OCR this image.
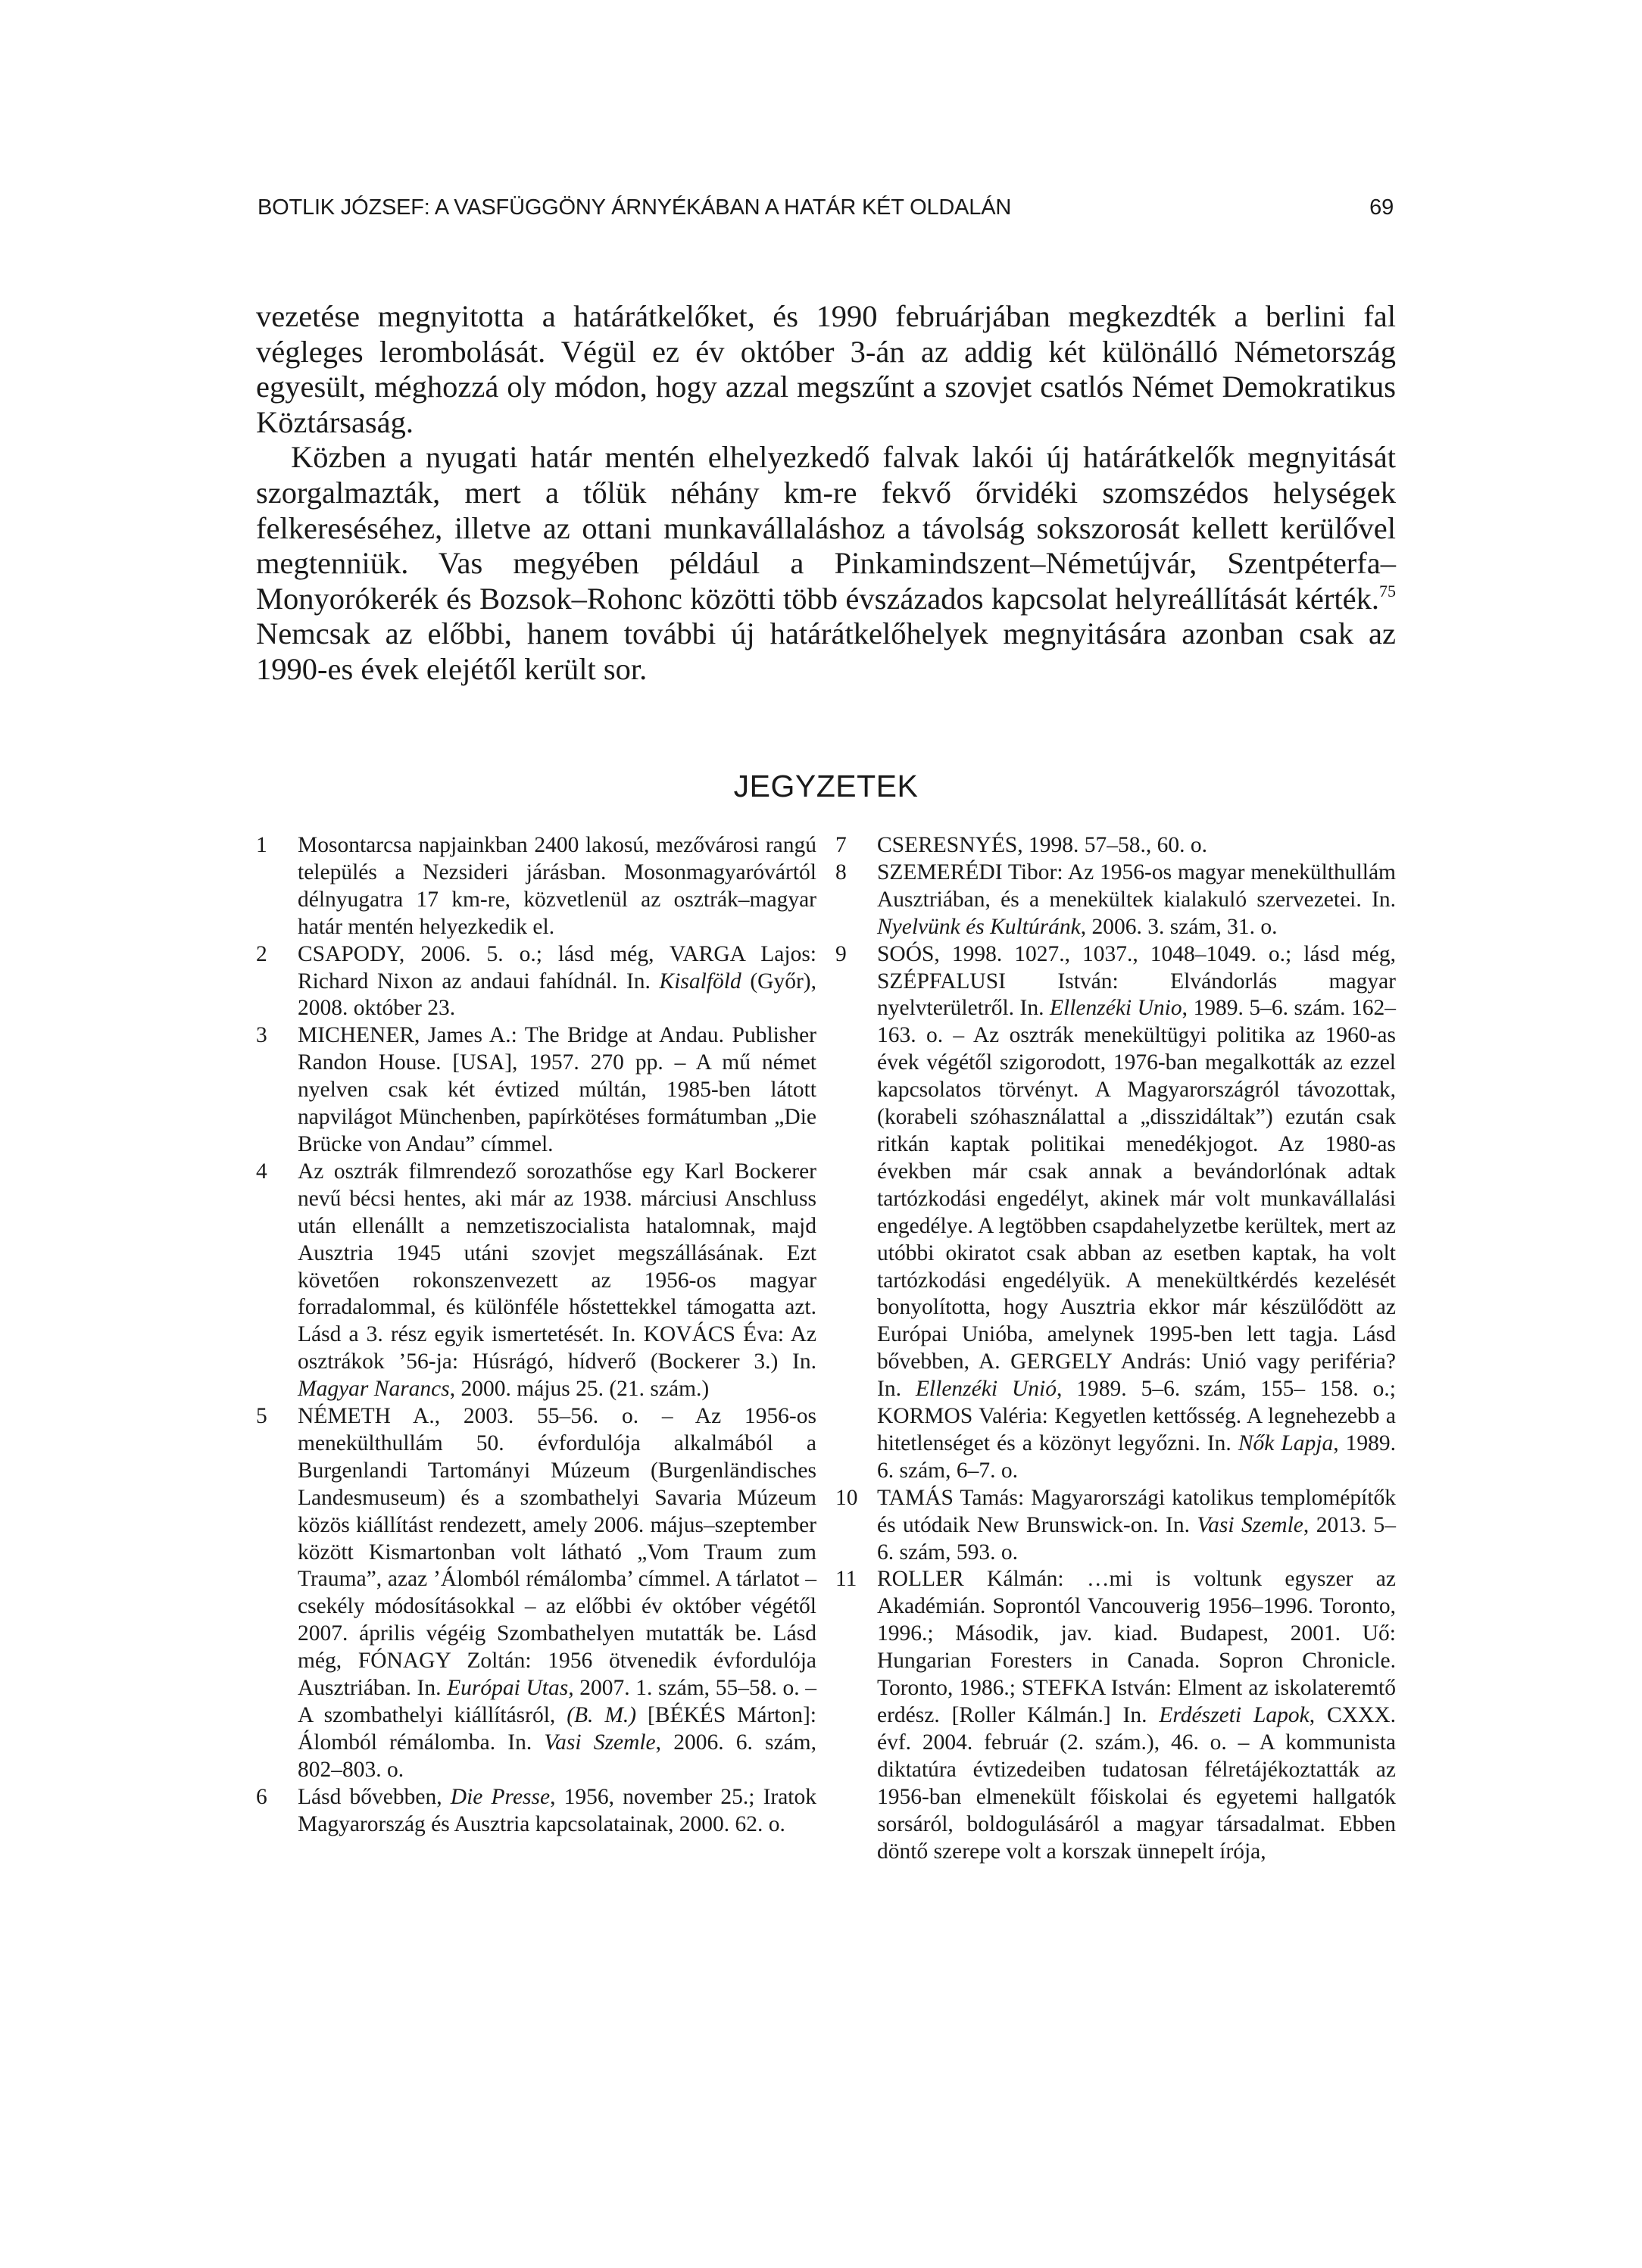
BOTLIK JÓZSEF: A VASFÜGGÖNY ÁRNYÉKÁBAN A HATÁR KÉT OLDALÁN	69

vezetése megnyitotta a határátkelőket, és 1990 februárjában megkezdték a berlini fal végleges lerombolását. Végül ez év október 3-án az addig két különálló Németország egyesült, méghozzá oly módon, hogy azzal megszűnt a szovjet csatlós Német Demokratikus Köztársaság.

Közben a nyugati határ mentén elhelyezkedő falvak lakói új határátkelők megnyitását szorgalmazták, mert a tőlük néhány km-re fekvő őrvidéki szomszédos helységek felkereséséhez, illetve az ottani munkavállaláshoz a távolság sokszorosát kellett kerülővel megtenniük. Vas megyében például a Pinkamindszent–Németújvár, Szentpéterfa–Monyorókerék és Bozsok–Rohonc közötti több évszázados kapcsolat helyreállítását kérték.$^{75}$ Nemcsak az előbbi, hanem további új határátkelőhelyek megnyitására azonban csak az 1990-es évek elejétől került sor.

JEGYZETEK
1 Mosontarcsa napjainkban 2400 lakosú, mezővárosi rangú település a Nezsideri járásban. Mosonmagyaróvártól délnyugatra 17 km-re, közvetlenül az osztrák–magyar határ mentén helyezkedik el.
2 CSAPODY, 2006. 5. o.; lásd még, VARGA Lajos: Richard Nixon az andaui fahídnál. In. Kisalföld (Győr), 2008. október 23.
3 MICHENER, James A.: The Bridge at Andau. Publisher Randon House. [USA], 1957. 270 pp. – A mű német nyelven csak két évtized múltán, 1985-ben látott napvilágot Münchenben, papírkötéses formátumban „Die Brücke von Andau” címmel.
4 Az osztrák filmrendező sorozathőse egy Karl Bockerer nevű bécsi hentes, aki már az 1938. márciusi Anschluss után ellenállt a nemzetiszocialista hatalomnak, majd Ausztria 1945 utáni szovjet megszállásának. Ezt követően rokonszenvezett az 1956-os magyar forradalommal, és különféle hőstettekkel támogatta azt. Lásd a 3. rész egyik ismertetését. In. KOVÁCS Éva: Az osztrákok ’56-ja: Húsrágó, hídverő (Bockerer 3.) In. Magyar Narancs, 2000. május 25. (21. szám.)
5 NÉMETH A., 2003. 55–56. o. – Az 1956-os menekülthullám 50. évfordulója alkalmából a Burgenlandi Tartományi Múzeum (Burgenländisches Landesmuseum) és a szombathelyi Savaria Múzeum közös kiállítást rendezett, amely 2006. május–szeptember között Kismartonban volt látható „Vom Traum zum Trauma”, azaz ’Álomból rémálomba’ címmel. A tárlatot – csekély módosításokkal – az előbbi év október végétől 2007. április végéig Szombathelyen mutatták be. Lásd még, FÓNAGY Zoltán: 1956 ötvenedik évfordulója Ausztriában. In. Európai Utas, 2007. 1. szám, 55–58. o. – A szombathelyi kiállításról, (B. M.) [BÉKÉS Márton]: Álomból rémálomba. In. Vasi Szemle, 2006. 6. szám, 802–803. o.
6 Lásd bővebben, Die Presse, 1956, november 25.; Iratok Magyarország és Ausztria kapcsolatainak, 2000. 62. o.
7 CSERESNYÉS, 1998. 57–58., 60. o.
8 SZEMERÉDI Tibor: Az 1956-os magyar menekülthullám Ausztriában, és a menekültek kialakuló szervezetei. In. Nyelvünk és Kultúránk, 2006. 3. szám, 31. o.
9 SOÓS, 1998. 1027., 1037., 1048–1049. o.; lásd még, SZÉPFALUSI István: Elvándorlás magyar nyelvterületről. In. Ellenzéki Unio, 1989. 5–6. szám. 162–163. o. – Az osztrák menekültügyi politika az 1960-as évek végétől szigorodott, 1976-ban megalkották az ezzel kapcsolatos törvényt. A Magyarországról távozottak, (korabeli szóhasználattal a „disszidáltak”) ezután csak ritkán kaptak politikai menedékjogot. Az 1980-as években már csak annak a bevándorlónak adtak tartózkodási engedélyt, akinek már volt munkavállalási engedélye. A legtöbben csapdahelyzetbe kerültek, mert az utóbbi okiratot csak abban az esetben kaptak, ha volt tartózkodási engedélyük. A menekültkérdés kezelését bonyolította, hogy Ausztria ekkor már készülődött az Európai Unióba, amelynek 1995-ben lett tagja. Lásd bővebben, A. GERGELY András: Unió vagy periféria? In. Ellenzéki Unió, 1989. 5–6. szám, 155– 158. o.; KORMOS Valéria: Kegyetlen kettősség. A legnehezebb a hitetlenséget és a közönyt legyőzni. In. Nők Lapja, 1989. 6. szám, 6–7. o.
10 TAMÁS Tamás: Magyarországi katolikus templomépítők és utódaik New Brunswick-on. In. Vasi Szemle, 2013. 5–6. szám, 593. o.
11 ROLLER Kálmán: …mi is voltunk egyszer az Akadémián. Soprontól Vancouverig 1956–1996. Toronto, 1996.; Második, jav. kiad. Budapest, 2001. Uő: Hungarian Foresters in Canada. Sopron Chronicle. Toronto, 1986.; STEFKA István: Elment az iskolateremtő erdész. [Roller Kálmán.] In. Erdészeti Lapok, CXXX. évf. 2004. február (2. szám.), 46. o. – A kommunista diktatúra évtizedeiben tudatosan félretájékoztatták az 1956-ban elmenekült főiskolai és egyetemi hallgatók sorsáról, boldogulásáról a magyar társadalmat. Ebben döntő szerepe volt a korszak ünnepelt írója,
